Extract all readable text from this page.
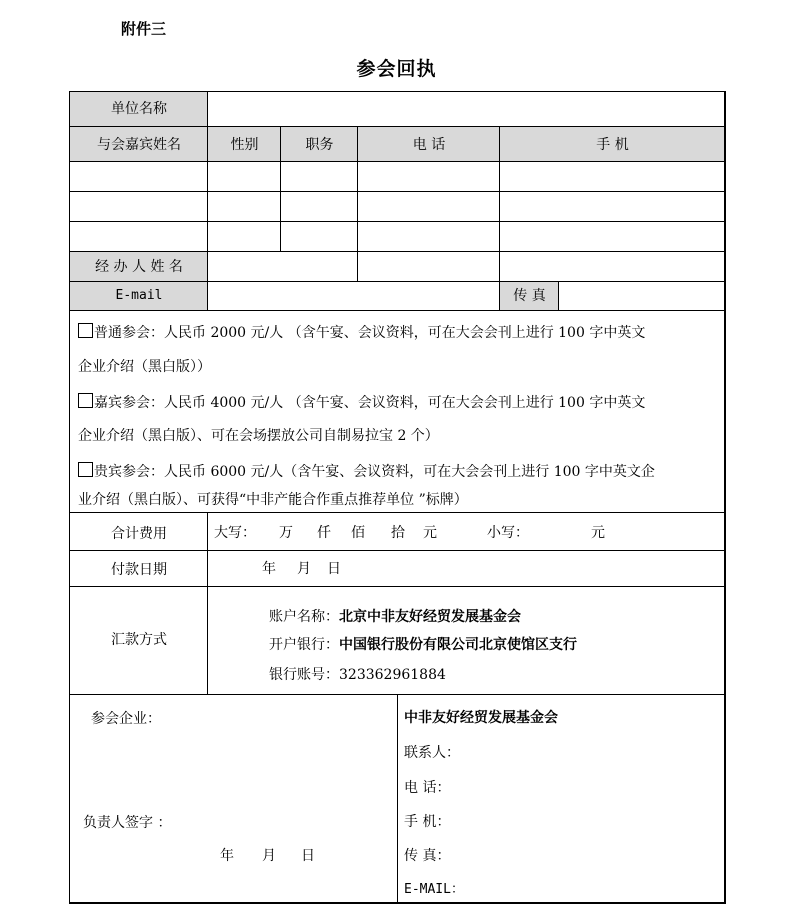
附件三
参会回执
单位名称
与会嘉宾姓名	性别	职务	电 话	手 机
经 办 人 姓 名
E-mail	传 真
普通参会：人民币 2000 元/人 （含午宴、会议资料，可在大会会刊上进行 100 字中英文
企业介绍（黑白版））
嘉宾参会：人民币 4000 元/人 （含午宴、会议资料，可在大会会刊上进行 100 字中英文
企业介绍（黑白版）、可在会场摆放公司自制易拉宝 2 个）
贵宾参会：人民币 6000 元/人（含午宴、会议资料，可在大会会刊上进行 100 字中英文企
业介绍（黑白版）、可获得“中非产能合作重点推荐单位 ”标牌）
合计费用	大写： 万 仟 佰 拾 元	小写：	元
付款日期	年 月 日
汇款方式
账户名称：北京中非友好经贸发展基金会
开户银行：中国银行股份有限公司北京使馆区支行
银行账号：323362961884
参会企业：
负责人签字 ：
年 月 日
中非友好经贸发展基金会
联系人：
电 话：
手 机：
传 真：
E-MAIL：
